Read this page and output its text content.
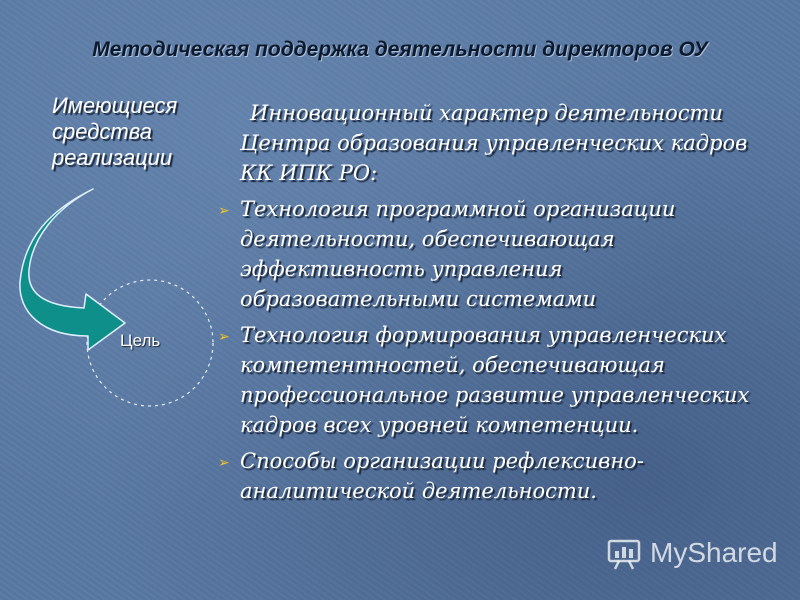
Методическая поддержка деятельности директоров ОУ
Имеющиеся средства реализации
Цель

Инновационный характер деятельности Центра образования управленческих кадров КК ИПК РО:

➢ Технология программной организации деятельности, обеспечивающая эффективность управления образовательными системами
➢ Технология формирования управленческих компетентностей, обеспечивающая профессиональное развитие управленческих кадров всех уровней компетенции.
➢ Способы организации рефлексивно-аналитической деятельности.
MyShared
